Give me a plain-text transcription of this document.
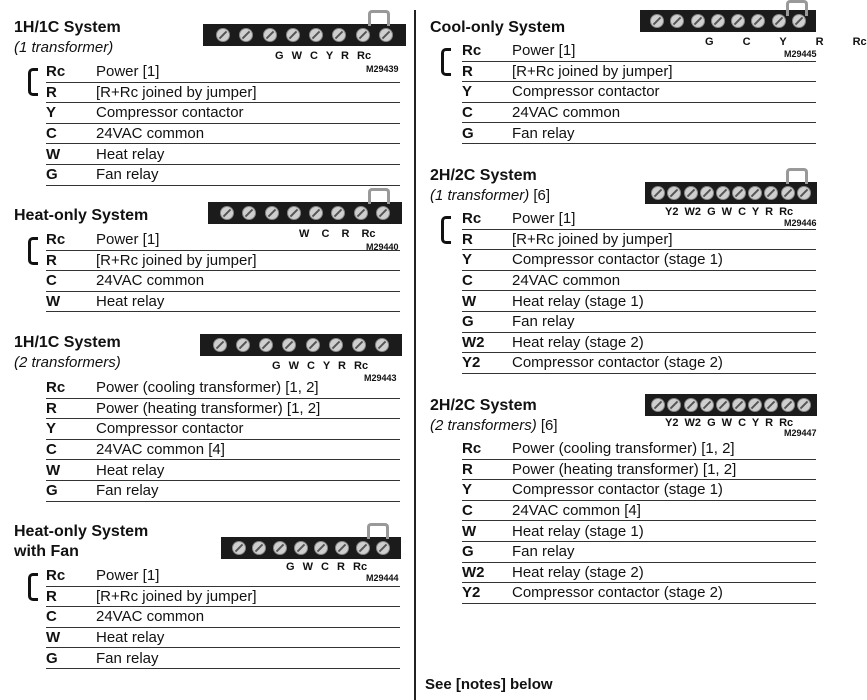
1H/1C System
(1 transformer)	G W C Y R Rc
M29439
Rc	Power [1]
R	[R+Rc joined by jumper]
Y	Compressor contactor
C	24VAC common
W	Heat relay
G	Fan relay
Heat-only System
W C R Rc
M29440
Rc	Power [1]
R	[R+Rc joined by jumper]
C	24VAC common
W	Heat relay
1H/1C System
(2 transformers)	G W C Y R Rc
M29443
Rc	Power (cooling transformer) [1, 2]
R	Power (heating transformer) [1, 2]
Y	Compressor contactor
C	24VAC common [4]
W	Heat relay
G	Fan relay
Heat-only System
with Fan
G W C R Rc
M29444
Rc	Power [1]
R	[R+Rc joined by jumper]
C	24VAC common
W	Heat relay
G	Fan relay
Cool-only System
G C Y R Rc
M29445
Rc	Power [1]
R	[R+Rc joined by jumper]
Y	Compressor contactor
C	24VAC common
G	Fan relay
2H/2C System
(1 transformer) [6]
Y2 W2 G W C Y R Rc
M29446
Rc	Power [1]
R	[R+Rc joined by jumper]
Y	Compressor contactor (stage 1)
C	24VAC common
W	Heat relay (stage 1)
G	Fan relay
W2	Heat relay (stage 2)
Y2	Compressor contactor (stage 2)
2H/2C System
(2 transformers) [6]	Y2 W2 G W C Y R Rc
M29447
Rc	Power (cooling transformer) [1, 2]
R	Power (heating transformer) [1, 2]
Y	Compressor contactor (stage 1)
C	24VAC common [4]
W	Heat relay (stage 1)
G	Fan relay
W2	Heat relay (stage 2)
Y2	Compressor contactor (stage 2)
See [notes] below
